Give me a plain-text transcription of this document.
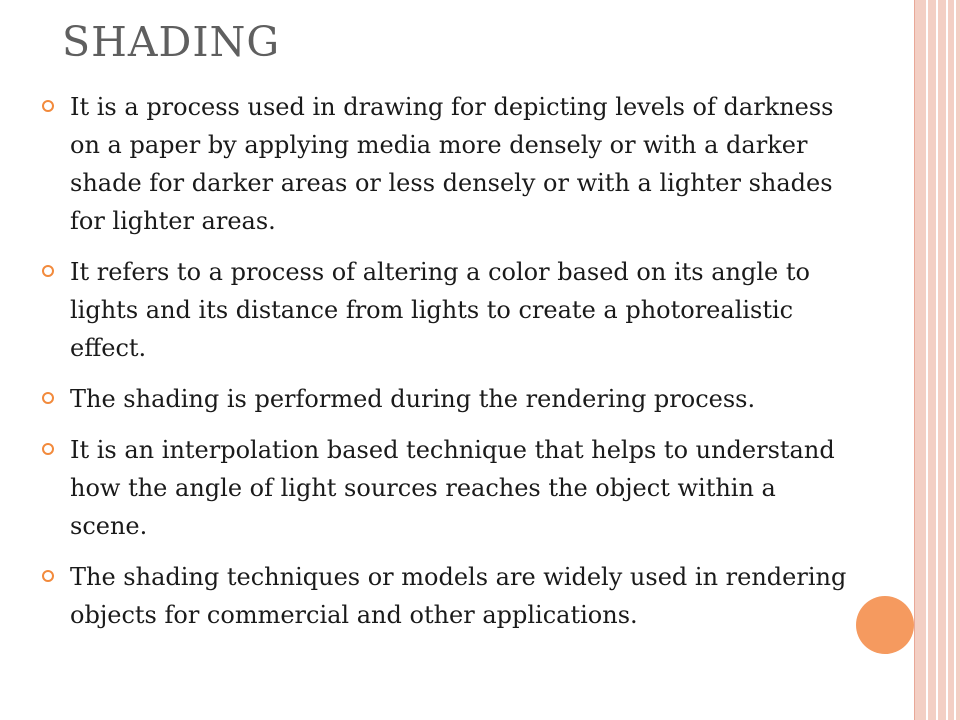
SHADING
It is a process used in drawing for depicting levels of darkness on a paper by applying media more densely or with a darker shade for darker areas or less densely or with a lighter shades for lighter areas.
It refers to a process of altering a color based on its angle to lights and its distance from lights to create a photorealistic effect.
The shading is performed during the rendering process.
It is an interpolation based technique that helps to understand how the angle of light sources reaches the object within a scene.
The shading techniques or models are widely used in rendering objects for commercial and other applications.
